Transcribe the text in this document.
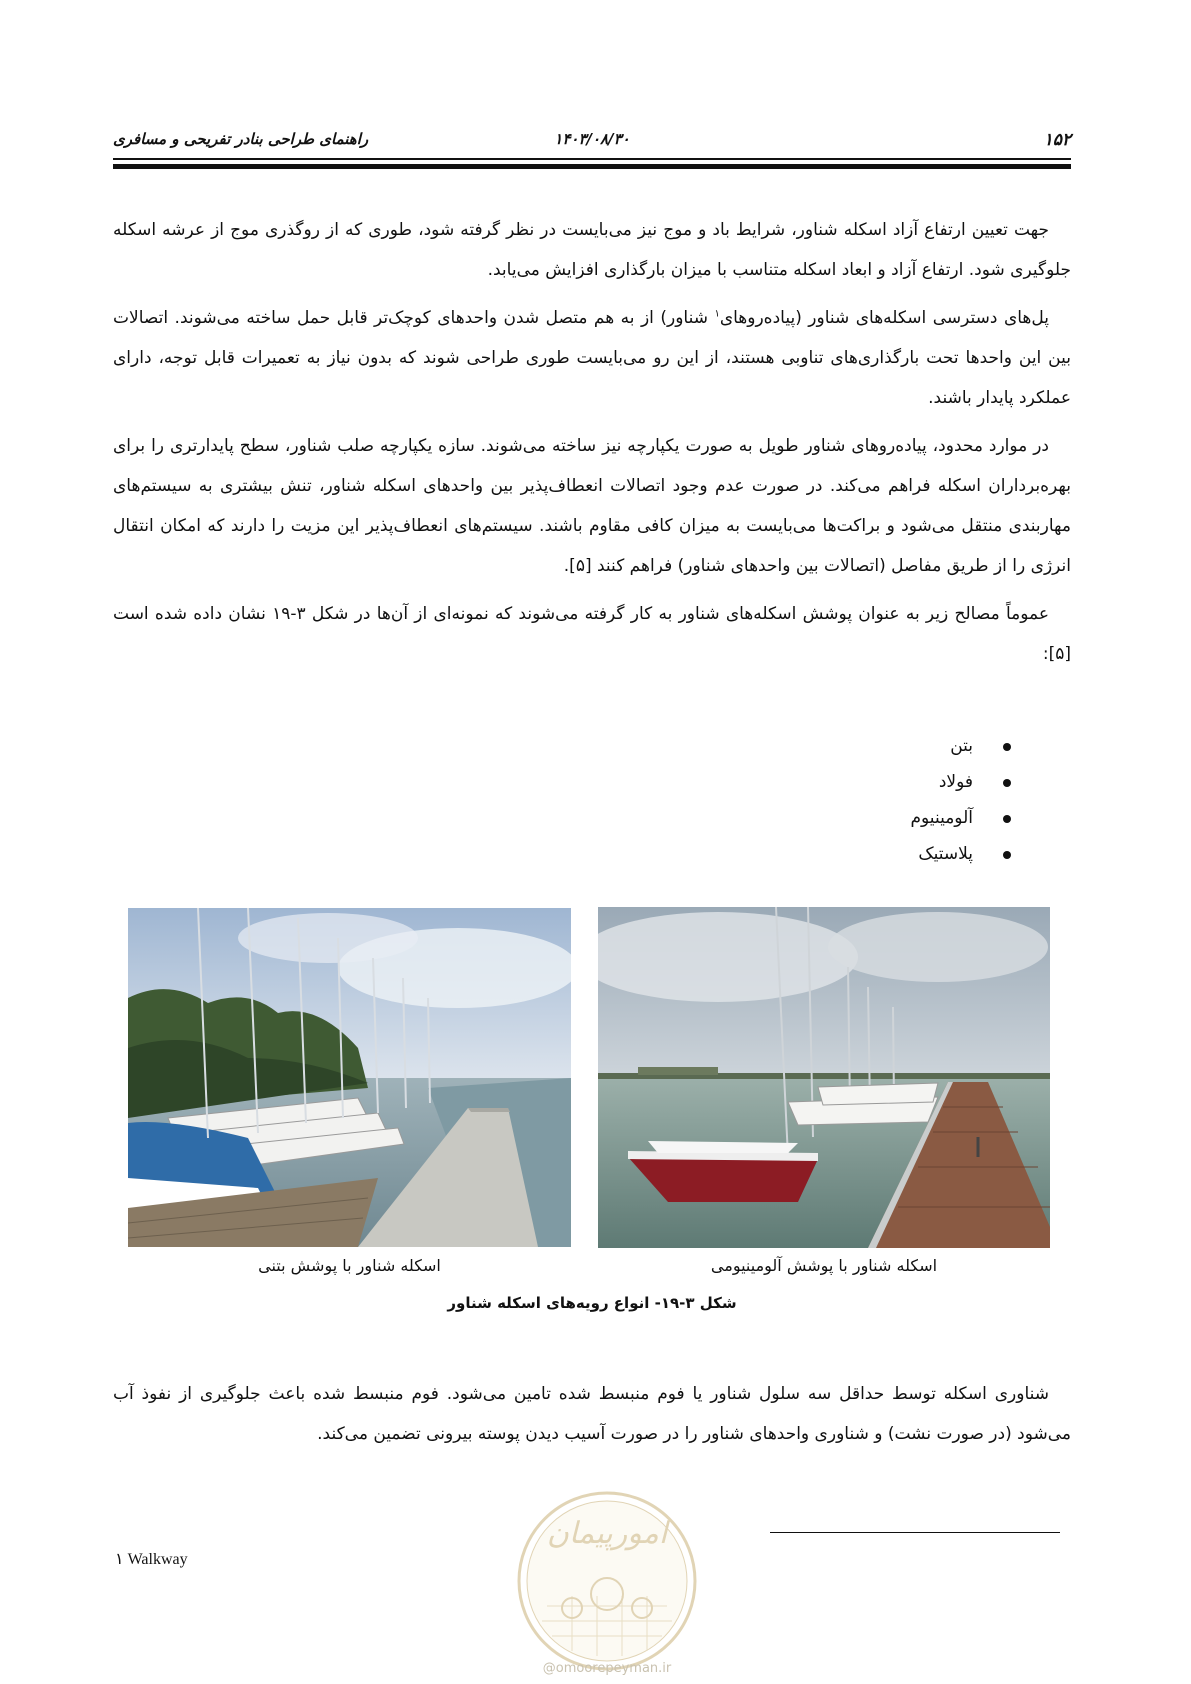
۱۵۲
۱۴۰۳/۰۸/۳۰
راهنمای طراحی بنادر تفریحی و مسافری

جهت تعیین ارتفاع آزاد اسکله شناور، شرایط باد و موج نیز می‌بایست در نظر گرفته شود، طوری که از روگذری موج از عرشه اسکله جلوگیری شود. ارتفاع آزاد و ابعاد اسکله متناسب با میزان بارگذاری افزایش می‌یابد.

پل‌های دسترسی اسکله‌های شناور (پیاده‌روهای$^۱$ شناور) از به هم متصل شدن واحدهای کوچک‌تر قابل حمل ساخته می‌شوند. اتصالات بین این واحدها تحت بارگذاری‌های تناوبی هستند، از این رو می‌بایست طوری طراحی شوند که بدون نیاز به تعمیرات قابل توجه، دارای عملکرد پایدار باشند.

در موارد محدود، پیاده‌روهای شناور طویل به صورت یکپارچه نیز ساخته می‌شوند. سازه یکپارچه صلب شناور، سطح پایدارتری را برای بهره‌برداران اسکله فراهم می‌کند. در صورت عدم وجود اتصالات انعطاف‌پذیر بین واحدهای اسکله شناور، تنش بیشتری به سیستم‌های مهاربندی منتقل می‌شود و براکت‌ها می‌بایست به میزان کافی مقاوم باشند. سیستم‌های انعطاف‌پذیر این مزیت را دارند که امکان انتقال انرژی را از طریق مفاصل (اتصالات بین واحدهای شناور) فراهم کنند [۵].

عموماً مصالح زیر به عنوان پوشش اسکله‌های شناور به کار گرفته می‌شوند که نمونه‌ای از آن‌ها در شکل ۳-۱۹ نشان داده شده است [۵]:

بتن
فولاد
آلومینیوم
پلاستیک
اسکله شناور با پوشش بتنی	اسکله شناور با پوشش آلومینیومی
شکل ۳-۱۹- انواع رویه‌های اسکله شناور

شناوری اسکله توسط حداقل سه سلول شناور یا فوم منبسط شده تامین می‌شود. فوم منبسط شده باعث جلوگیری از نفوذ آب می‌شود (در صورت نشت) و شناوری واحدهای شناور را در صورت آسیب دیدن پوسته بیرونی تضمین می‌کند.

امورپیمان
@omoorepeyman.ir
۱ Walkway
